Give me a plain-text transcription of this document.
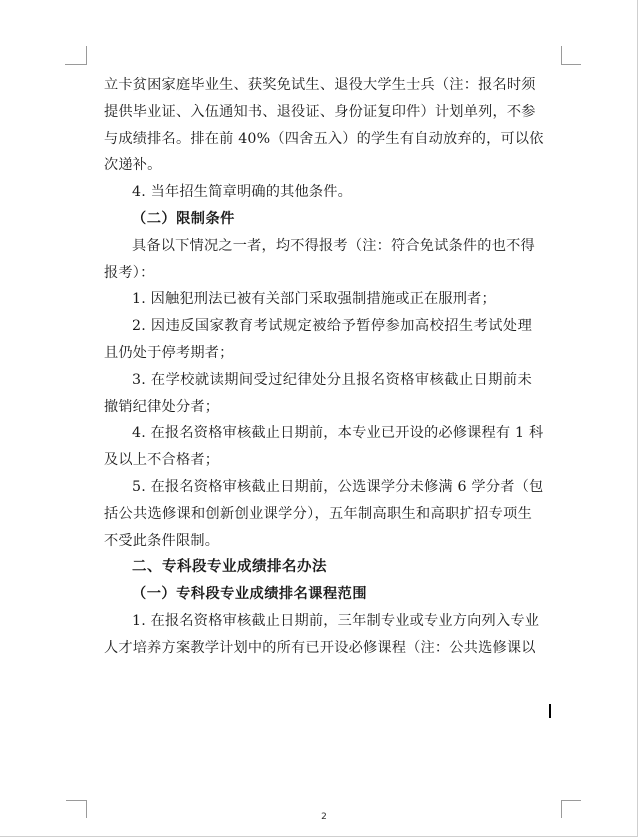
立卡贫困家庭毕业生、获奖免试生、退役大学生士兵（注：报名时须
提供毕业证、入伍通知书、退役证、身份证复印件）计划单列，不参
与成绩排名。排在前 40%（四舍五入）的学生有自动放弃的，可以依
次递补。
4. 当年招生简章明确的其他条件。
（二）限制条件
具备以下情况之一者，均不得报考（注：符合免试条件的也不得
报考）：
1. 因触犯刑法已被有关部门采取强制措施或正在服刑者；
2. 因违反国家教育考试规定被给予暂停参加高校招生考试处理
且仍处于停考期者；
3. 在学校就读期间受过纪律处分且报名资格审核截止日期前未
撤销纪律处分者；
4. 在报名资格审核截止日期前，本专业已开设的必修课程有 1 科
及以上不合格者；
5. 在报名资格审核截止日期前，公选课学分未修满 6 学分者（包
括公共选修课和创新创业课学分），五年制高职生和高职扩招专项生
不受此条件限制。
二、专科段专业成绩排名办法
（一）专科段专业成绩排名课程范围
1. 在报名资格审核截止日期前，三年制专业或专业方向列入专业
人才培养方案教学计划中的所有已开设必修课程（注：公共选修课以
2
